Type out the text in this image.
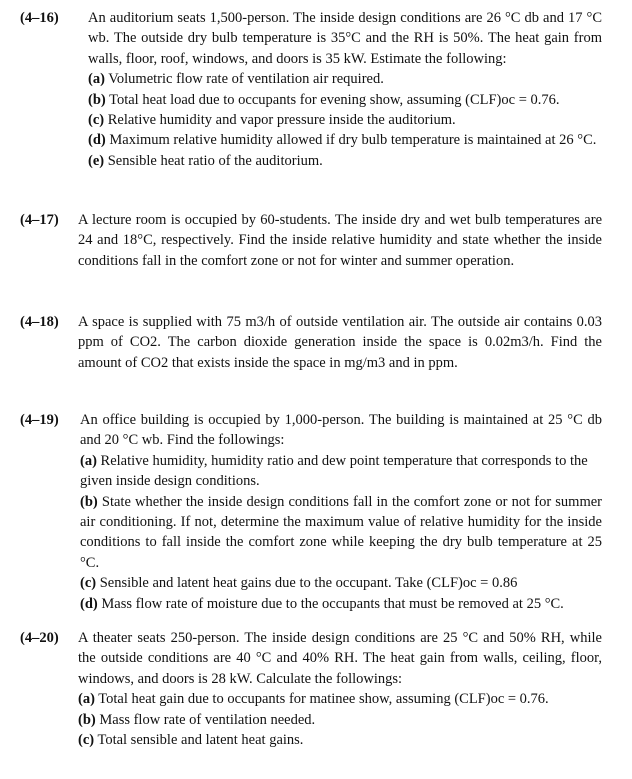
(4–16) An auditorium seats 1,500-person. The inside design conditions are 26 °C db and 17 °C wb. The outside dry bulb temperature is 35°C and the RH is 50%. The heat gain from walls, floor, roof, windows, and doors is 35 kW. Estimate the following:
(a) Volumetric flow rate of ventilation air required.
(b) Total heat load due to occupants for evening show, assuming (CLF)oc = 0.76.
(c) Relative humidity and vapor pressure inside the auditorium.
(d) Maximum relative humidity allowed if dry bulb temperature is maintained at 26 °C.
(e) Sensible heat ratio of the auditorium.
(4–17) A lecture room is occupied by 60-students. The inside dry and wet bulb temperatures are 24 and 18°C, respectively. Find the inside relative humidity and state whether the inside conditions fall in the comfort zone or not for winter and summer operation.
(4–18) A space is supplied with 75 m3/h of outside ventilation air. The outside air contains 0.03 ppm of CO2. The carbon dioxide generation inside the space is 0.02m3/h. Find the amount of CO2 that exists inside the space in mg/m3 and in ppm.
(4–19) An office building is occupied by 1,000-person. The building is maintained at 25 °C db and 20 °C wb. Find the followings:
(a) Relative humidity, humidity ratio and dew point temperature that corresponds to the given inside design conditions.
(b) State whether the inside design conditions fall in the comfort zone or not for summer air conditioning. If not, determine the maximum value of relative humidity for the inside conditions to fall inside the comfort zone while keeping the dry bulb temperature at 25 °C.
(c) Sensible and latent heat gains due to the occupant. Take (CLF)oc = 0.86
(d) Mass flow rate of moisture due to the occupants that must be removed at 25 °C.
(4–20) A theater seats 250-person. The inside design conditions are 25 °C and 50% RH, while the outside conditions are 40 °C and 40% RH. The heat gain from walls, ceiling, floor, windows, and doors is 28 kW. Calculate the followings:
(a) Total heat gain due to occupants for matinee show, assuming (CLF)oc = 0.76.
(b) Mass flow rate of ventilation needed.
(c) Total sensible and latent heat gains.
